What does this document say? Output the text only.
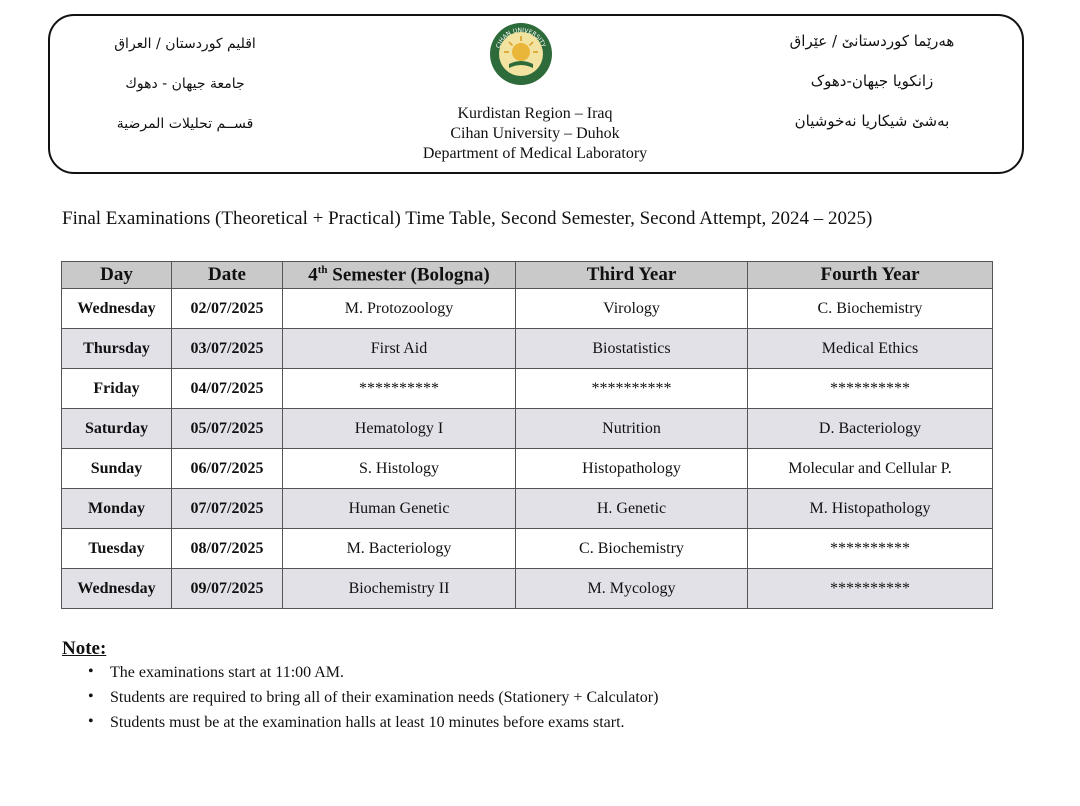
اقليم كوردستان / العراق
جامعة جيهان - دهوك
قســم تحليلات المرضية
CIHAN UNIVERSITY
Kurdistan Region – Iraq
Cihan University – Duhok
Department of Medical Laboratory
هەرێما کوردستانێ / عێراق
زانکویا جیهان-دهوک
بەشێ شیکاریا نەخوشیان
Final Examinations (Theoretical + Practical) Time Table, Second Semester, Second Attempt, 2024 – 2025)
Day	Date	4th Semester (Bologna)	Third Year	Fourth Year
Wednesday	02/07/2025	M. Protozoology	Virology	C. Biochemistry
Thursday	03/07/2025	First Aid	Biostatistics	Medical Ethics
Friday	04/07/2025	**********	**********	**********
Saturday	05/07/2025	Hematology I	Nutrition	D. Bacteriology
Sunday	06/07/2025	S. Histology	Histopathology	Molecular and Cellular P.
Monday	07/07/2025	Human Genetic	H. Genetic	M. Histopathology
Tuesday	08/07/2025	M. Bacteriology	C. Biochemistry	**********
Wednesday	09/07/2025	Biochemistry II	M. Mycology	**********
Note:
• The examinations start at 11:00 AM.
• Students are required to bring all of their examination needs (Stationery + Calculator)
• Students must be at the examination halls at least 10 minutes before exams start.
